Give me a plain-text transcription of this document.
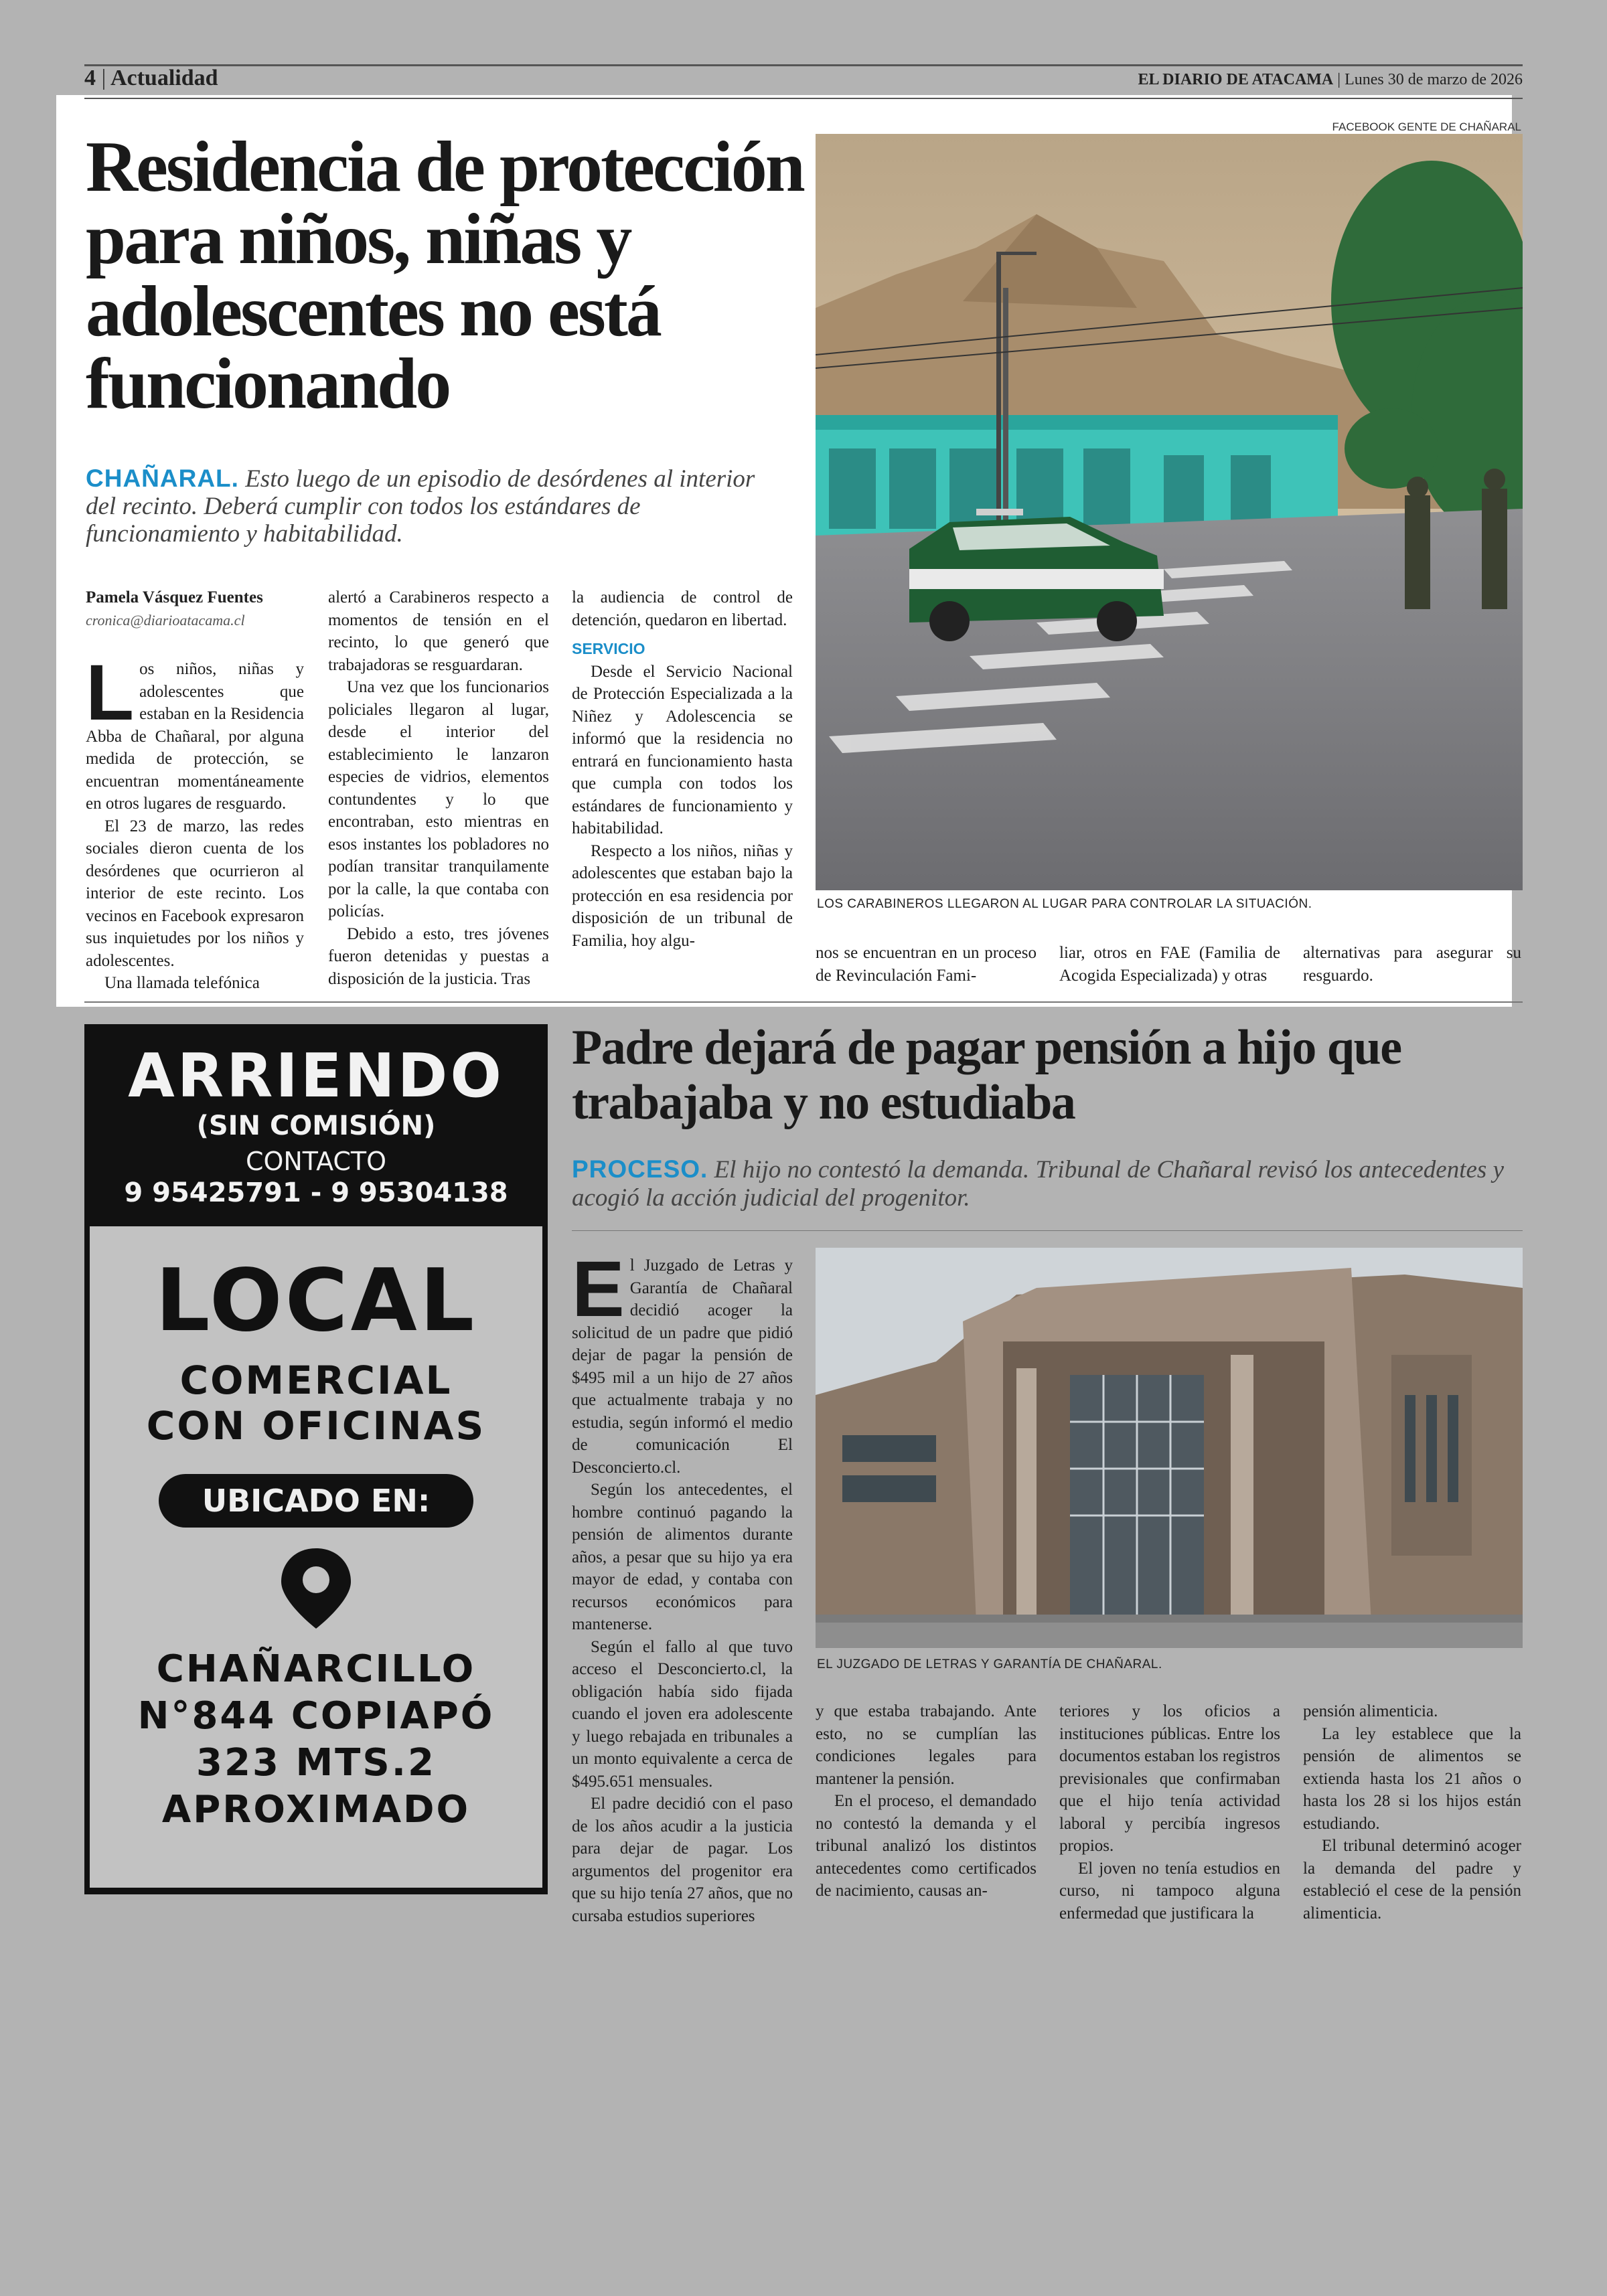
4 | Actualidad	EL DIARIO DE ATACAMA | Lunes 30 de marzo de 2026
FACEBOOK GENTE DE CHAÑARAL
Residencia de protección para niños, niñas y adolescentes no está funcionando
CHAÑARAL. Esto luego de un episodio de desórdenes al interior del recinto. Deberá cumplir con todos los estándares de funcionamiento y habitabilidad.
LOS CARABINEROS LLEGARON AL LUGAR PARA CONTROLAR LA SITUACIÓN.
Pamela Vásquez Fuentes
cronica@diarioatacama.cl
L os niños, niñas y adolescentes que estaban en la Residencia Abba de Chañaral, por alguna medida de protección, se encuentran momentáneamente en otros lugares de resguardo.

El 23 de marzo, las redes sociales dieron cuenta de los desórdenes que ocurrieron al interior de este recinto. Los vecinos en Facebook expresaron sus inquietudes por los niños y adolescentes.

Una llamada telefónica

alertó a Carabineros respecto a momentos de tensión en el recinto, lo que generó que trabajadoras se resguardaran.

Una vez que los funcionarios policiales llegaron al lugar, desde el interior del establecimiento le lanzaron especies de vidrios, elementos contundentes y lo que encontraban, esto mientras en esos instantes los pobladores no podían transitar tranquilamente por la calle, la que contaba con policías.

Debido a esto, tres jóvenes fueron detenidas y puestas a disposición de la justicia. Tras

la audiencia de control de detención, quedaron en libertad.

SERVICIO

Desde el Servicio Nacional de Protección Especializada a la Niñez y Adolescencia se informó que la residencia no entrará en funcionamiento hasta que cumpla con todos los estándares de funcionamiento y habitabilidad.

Respecto a los niños, niñas y adolescentes que estaban bajo la protección en esa residencia por disposición de un tribunal de Familia, hoy algu-

nos se encuentran en un proceso de Revinculación Fami-

liar, otros en FAE (Familia de Acogida Especializada) y otras

alternativas para asegurar su resguardo.

ARRIENDO
(SIN COMISIÓN)
CONTACTO
9 95425791 - 9 95304138
LOCAL
COMERCIAL
CON OFICINAS
UBICADO EN:
CHAÑARCILLO
N°844 COPIAPÓ
323 MTS.2
APROXIMADO
Padre dejará de pagar pensión a hijo que trabajaba y no estudiaba
PROCESO. El hijo no contestó la demanda. Tribunal de Chañaral revisó los antecedentes y acogió la acción judicial del progenitor.
EL JUZGADO DE LETRAS Y GARANTÍA DE CHAÑARAL.
E l Juzgado de Letras y Garantía de Chañaral decidió acoger la solicitud de un padre que pidió dejar de pagar la pensión de $495 mil a un hijo de 27 años que actualmente trabaja y no estudia, según informó el medio de comunicación El Desconcierto.cl.

Según los antecedentes, el hombre continuó pagando la pensión de alimentos durante años, a pesar que su hijo ya era mayor de edad, y contaba con recursos económicos para mantenerse.

Según el fallo al que tuvo acceso el Desconcierto.cl, la obligación había sido fijada cuando el joven era adolescente y luego rebajada en tribunales a un monto equivalente a cerca de $495.651 mensuales.

El padre decidió con el paso de los años acudir a la justicia para dejar de pagar. Los argumentos del progenitor era que su hijo tenía 27 años, que no cursaba estudios superiores

y que estaba trabajando. Ante esto, no se cumplían las condiciones legales para mantener la pensión.

En el proceso, el demandado no contestó la demanda y el tribunal analizó los distintos antecedentes como certificados de nacimiento, causas an-

teriores y los oficios a instituciones públicas. Entre los documentos estaban los registros previsionales que confirmaban que el hijo tenía actividad laboral y percibía ingresos propios.

El joven no tenía estudios en curso, ni tampoco alguna enfermedad que justificara la

pensión alimenticia.

La ley establece que la pensión de alimentos se extienda hasta los 21 años o hasta los 28 si los hijos están estudiando.

El tribunal determinó acoger la demanda del padre y estableció el cese de la pensión alimenticia.
